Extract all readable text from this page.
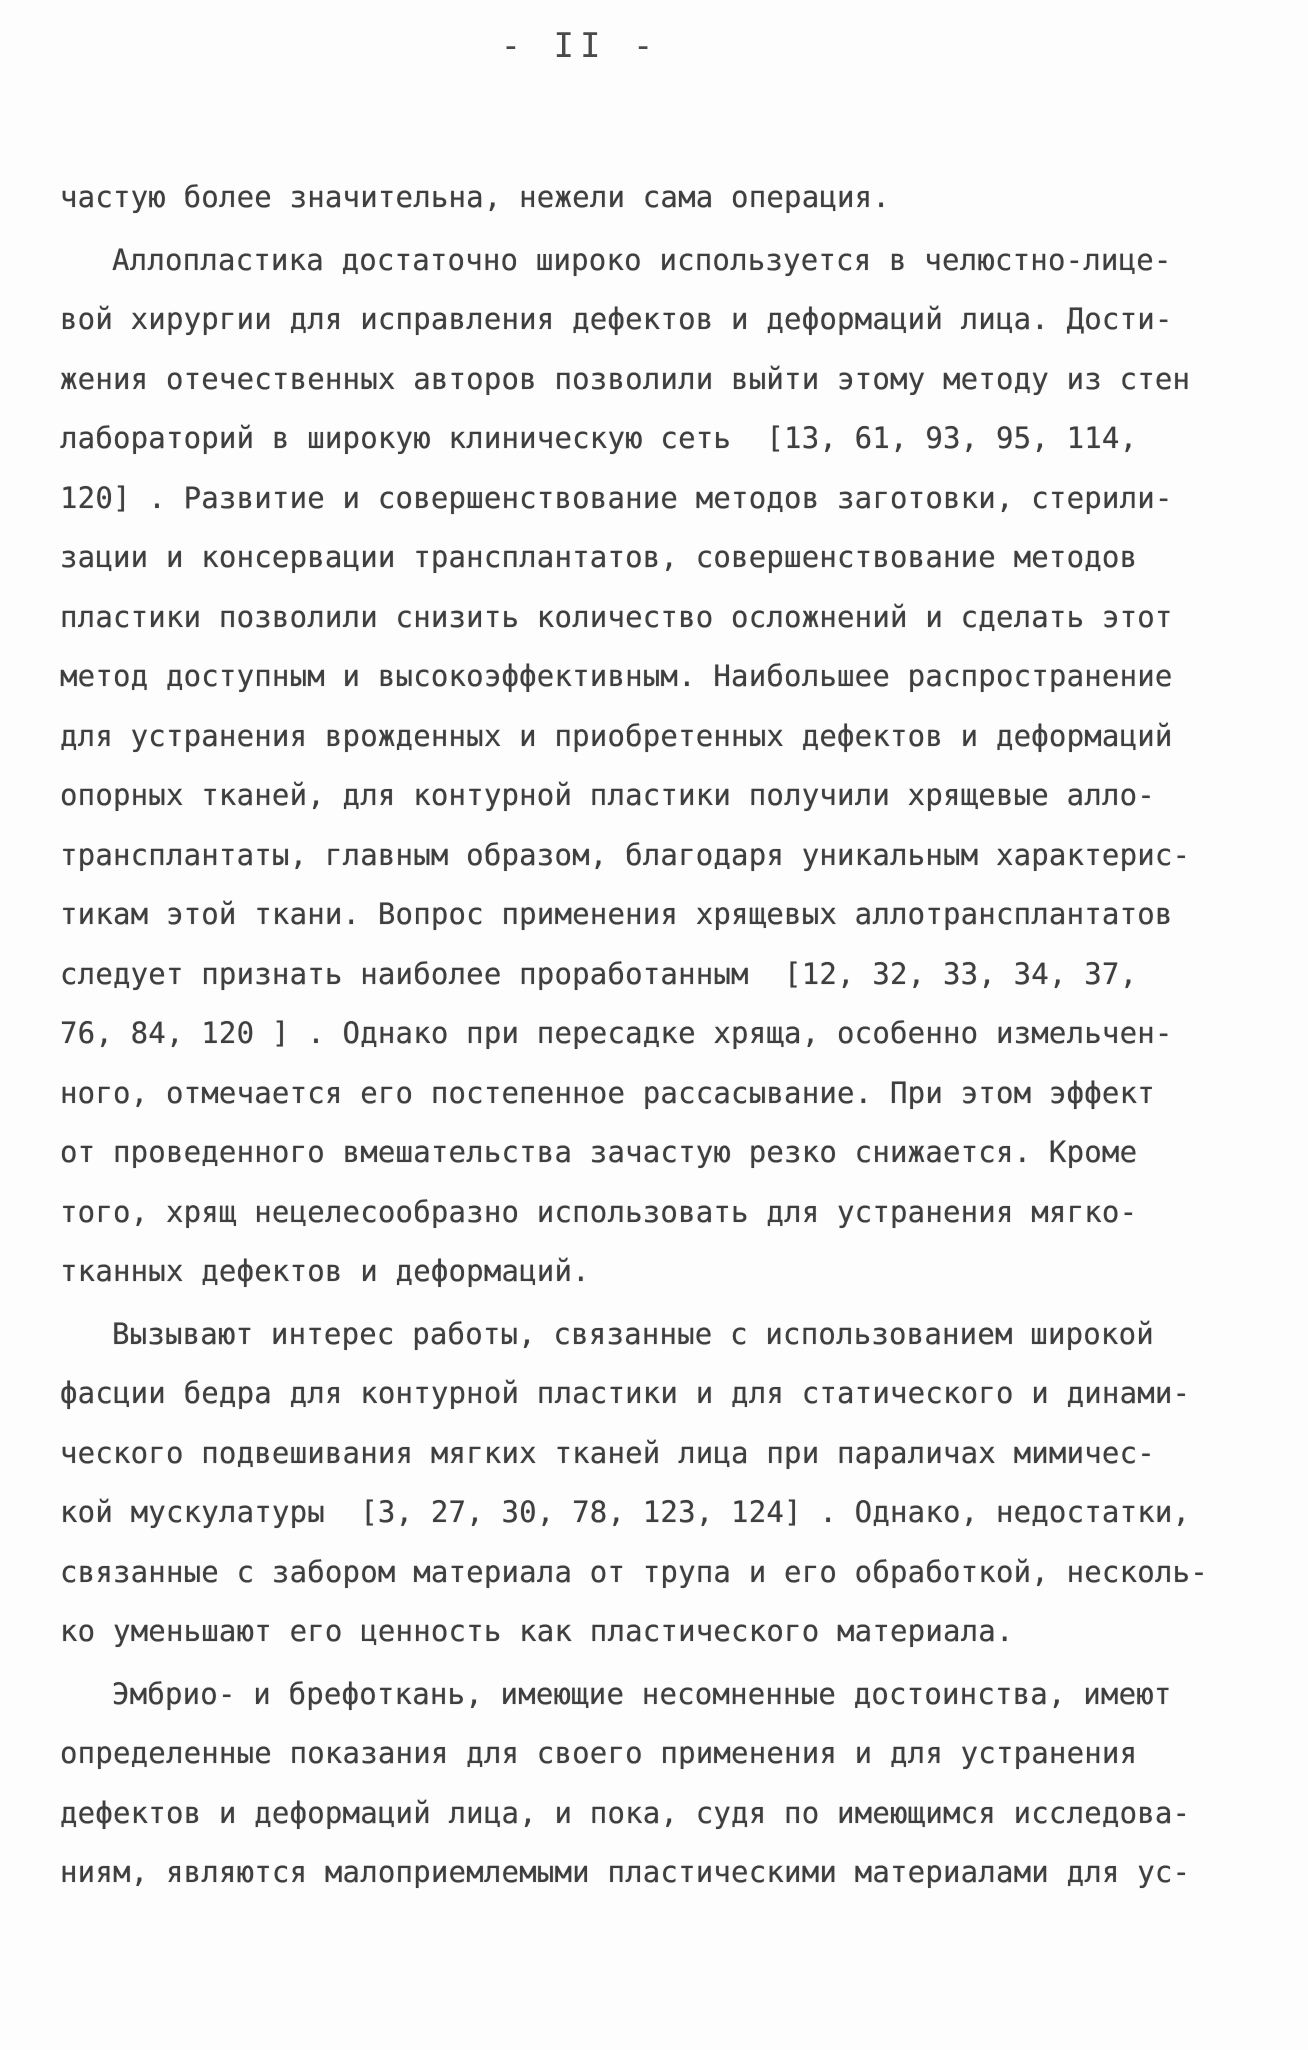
- II -
частую более значительна, нежели сама операция.
Аллопластика достаточно широко используется в челюстно-лице-
вой хирургии для исправления дефектов и деформаций лица. Дости-
жения отечественных авторов позволили выйти этому методу из стен
лабораторий в широкую клиническую сеть  [13, 61, 93, 95, 114,
120] . Развитие и совершенствование методов заготовки, стерили-
зации и консервации трансплантатов, совершенствование методов
пластики позволили снизить количество осложнений и сделать этот
метод доступным и высокоэффективным. Наибольшее распространение
для устранения врожденных и приобретенных дефектов и деформаций
опорных тканей, для контурной пластики получили хрящевые алло-
трансплантаты, главным образом, благодаря уникальным характерис-
тикам этой ткани. Вопрос применения хрящевых аллотрансплантатов
следует признать наиболее проработанным  [12, 32, 33, 34, 37,
76, 84, 120 ] . Однако при пересадке хряща, особенно измельчен-
ного, отмечается его постепенное рассасывание. При этом эффект
от проведенного вмешательства зачастую резко снижается. Кроме
того, хрящ нецелесообразно использовать для устранения мягко-
тканных дефектов и деформаций.
Вызывают интерес работы, связанные с использованием широкой
фасции бедра для контурной пластики и для статического и динами-
ческого подвешивания мягких тканей лица при параличах мимичес-
кой мускулатуры  [3, 27, 30, 78, 123, 124] . Однако, недостатки,
связанные с забором материала от трупа и его обработкой, несколь-
ко уменьшают его ценность как пластического материала.
Эмбрио- и брефоткань, имеющие несомненные достоинства, имеют
определенные показания для своего применения и для устранения
дефектов и деформаций лица, и пока, судя по имеющимся исследова-
ниям, являются малоприемлемыми пластическими материалами для ус-
